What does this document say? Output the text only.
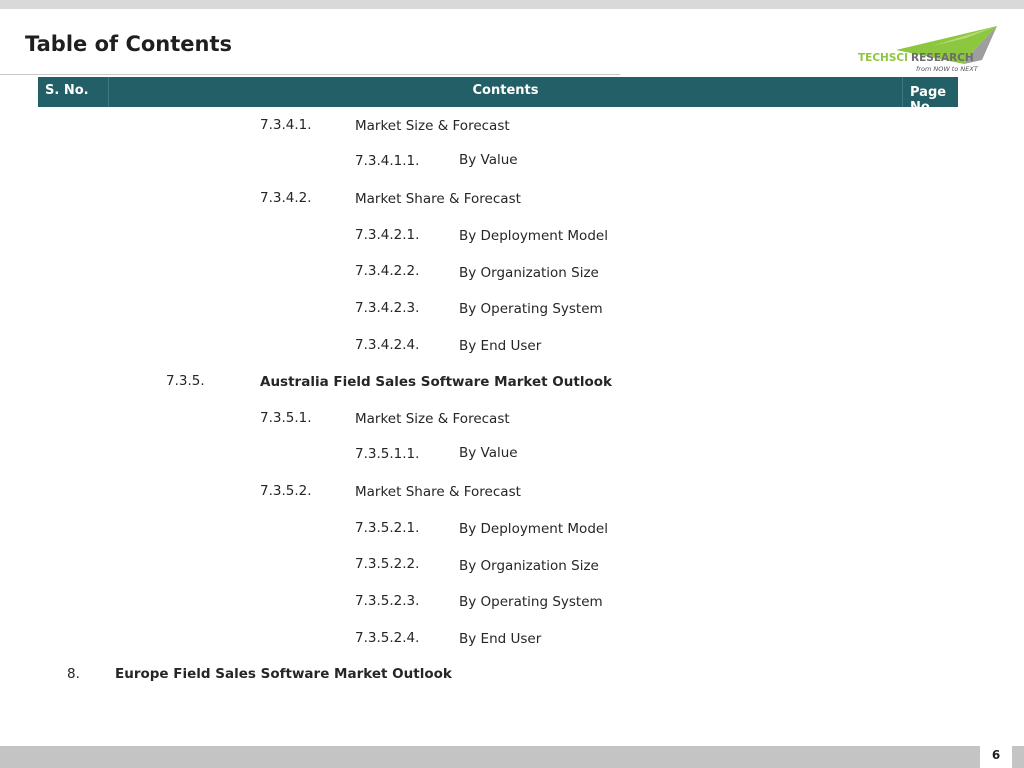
Table of Contents
TECHSCI RESEARCH
from NOW to NEXT
S. No.	Contents	Page No.
7.3.4.1.	Market Size & Forecast
7.3.4.1.1.	By Value
7.3.4.2.	Market Share & Forecast
7.3.4.2.1.	By Deployment Model
7.3.4.2.2.	By Organization Size
7.3.4.2.3.	By Operating System
7.3.4.2.4.	By End User
7.3.5.	Australia Field Sales Software Market Outlook
7.3.5.1.	Market Size & Forecast
7.3.5.1.1.	By Value
7.3.5.2.	Market Share & Forecast
7.3.5.2.1.	By Deployment Model
7.3.5.2.2.	By Organization Size
7.3.5.2.3.	By Operating System
7.3.5.2.4.	By End User
8.	Europe Field Sales Software Market Outlook
6
